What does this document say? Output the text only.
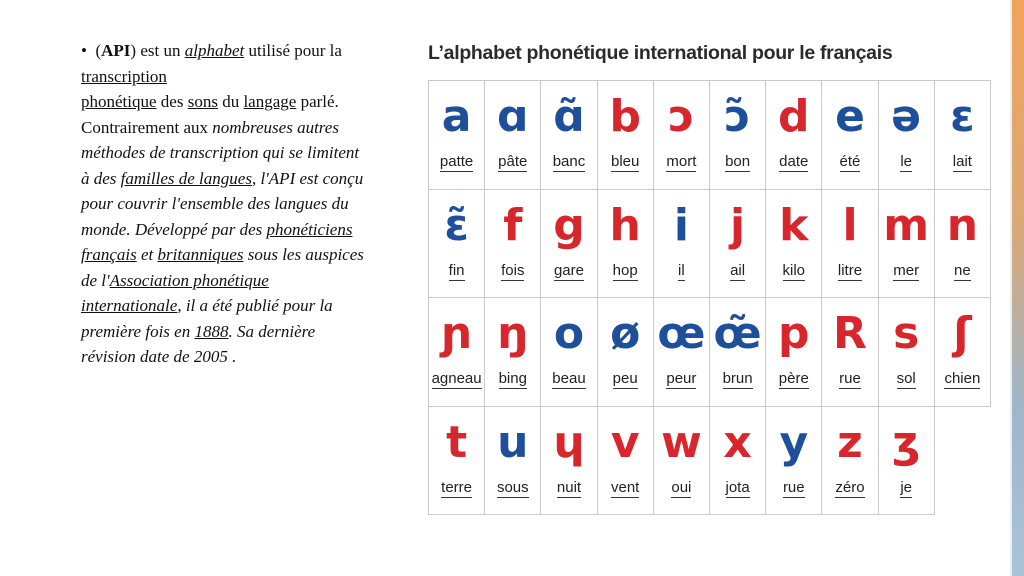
• (API) est un alphabet utilisé pour la transcription
phonétique des sons du langage parlé. Contrairement aux nombreuses autres méthodes de transcription qui se limitent à des familles de langues, l'API est conçu pour couvrir l'ensemble des langues du monde. Développé par des phonéticiens français et britanniques sous les auspices de l'Association phonétique internationale, il a été publié pour la première fois en 1888. Sa dernière révision date de 2005 .
L’alphabet phonétique international pour le français
a
patte
ɑ
pâte
ɑ̃
banc
b
bleu
ɔ
mort
ɔ̃
bon
d
date
e
été
ə
le
ɛ
lait
ɛ̃
fin
f
fois
g
gare
h
hop
i
il
j
ail
k
kilo
l
litre
m
mer
n
ne
ɲ
agneau
ŋ
bing
o
beau
ø
peu
œ
peur
œ̃
brun
p
père
R
rue
s
sol
ʃ
chien
t
terre
u
sous
ɥ
nuit
v
vent
w
oui
x
jota
y
rue
z
zéro
ʒ
je
